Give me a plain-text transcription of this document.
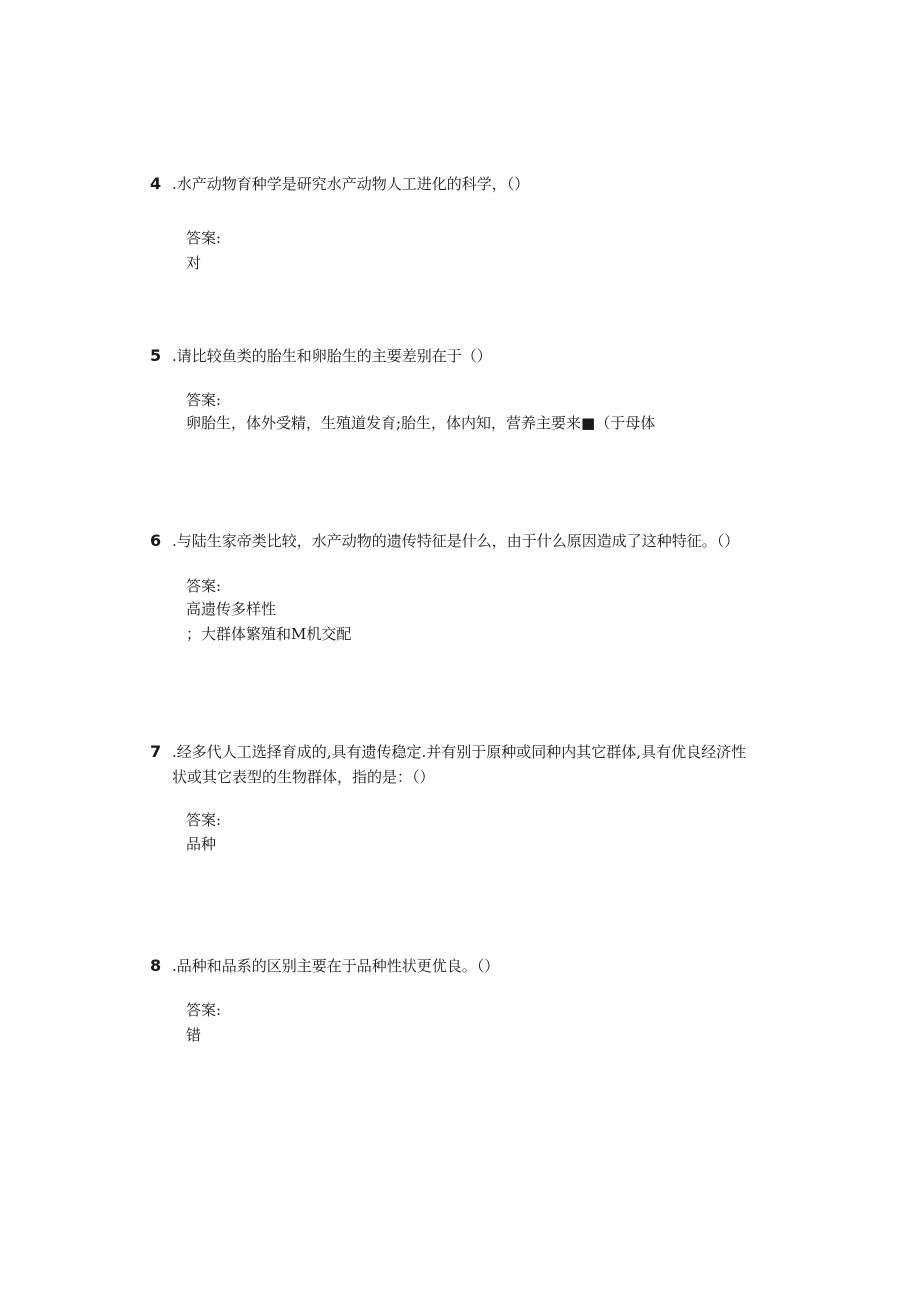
4 .水产动物育种学是研究水产动物人工进化的科学，（）
答案:
对
5 .请比较鱼类的胎生和卵胎生的主要差别在于（）
答案:
卵胎生，体外受精，生殖道发育;胎生，体内知，营养主要来■（于母体
6 .与陆生家帝类比较，水产动物的遗传特征是什么，由于什么原因造成了这种特征。（）
答案:
高遗传多样性
；大群体繁殖和M机交配
7 .经多代人工选择育成的,具有遗传稳定.并有别于原种或同种内其它群体,具有优良经济性
状或其它表型的生物群体，指的是：（）
答案:
品种
8 .品种和品系的区别主要在于品种性状更优良。（）
答案:
错
